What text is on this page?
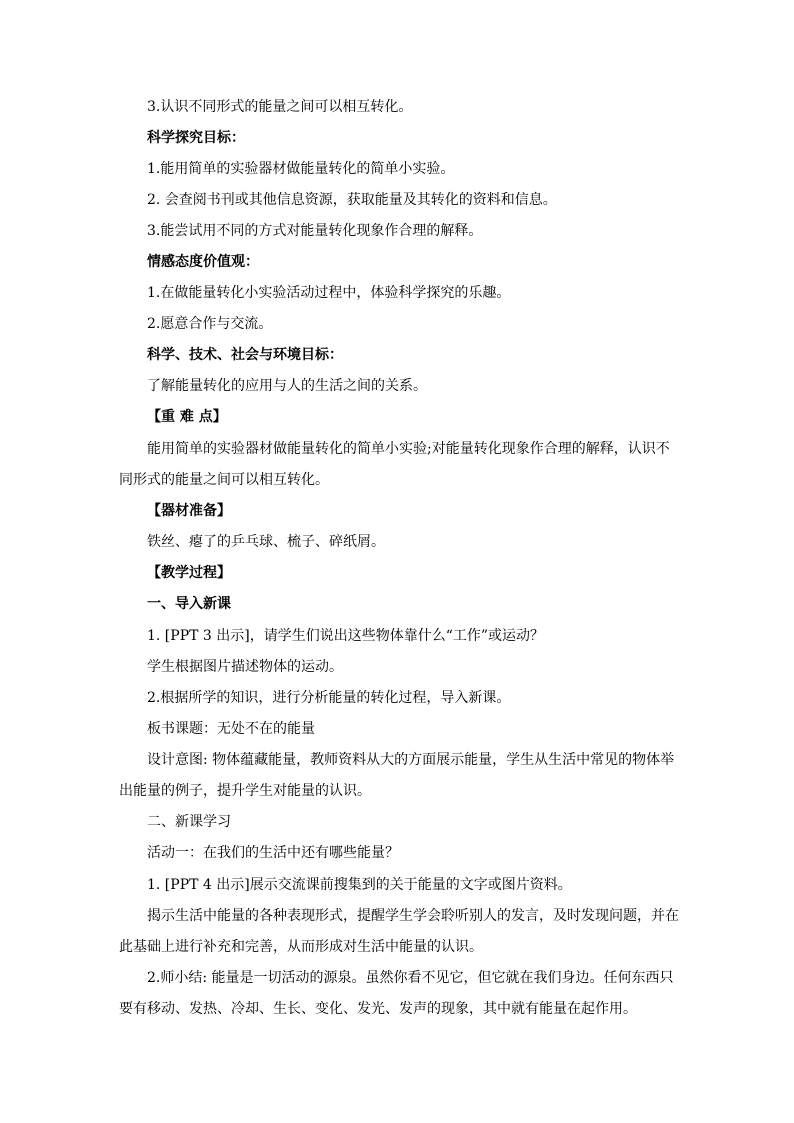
3.认识不同形式的能量之间可以相互转化。
科学探究目标：
1.能用简单的实验器材做能量转化的简单小实验。
2. 会查阅书刊或其他信息资源，获取能量及其转化的资料和信息。
3.能尝试用不同的方式对能量转化现象作合理的解释。
情感态度价值观：
1.在做能量转化小实验活动过程中，体验科学探究的乐趣。
2.愿意合作与交流。
科学、技术、社会与环境目标：
了解能量转化的应用与人的生活之间的关系。
【重 难 点】
能用简单的实验器材做能量转化的简单小实验;对能量转化现象作合理的解释，认识不
同形式的能量之间可以相互转化。
【器材准备】
铁丝、瘪了的乒乓球、梳子、碎纸屑。
【教学过程】
一、导入新课
1. [PPT 3 出示]，请学生们说出这些物体靠什么“工作”或运动？
学生根据图片描述物体的运动。
2.根据所学的知识，进行分析能量的转化过程，导入新课。
板书课题：无处不在的能量
设计意图: 物体蕴藏能量，教师资料从大的方面展示能量，学生从生活中常见的物体举
出能量的例子，提升学生对能量的认识。
二、新课学习
活动一：在我们的生活中还有哪些能量？
1. [PPT 4 出示]展示交流课前搜集到的关于能量的文字或图片资料。
揭示生活中能量的各种表现形式，提醒学生学会聆听别人的发言，及时发现问题，并在
此基础上进行补充和完善，从而形成对生活中能量的认识。
2.师小结: 能量是一切活动的源泉。虽然你看不见它，但它就在我们身边。任何东西只
要有移动、发热、冷却、生长、变化、发光、发声的现象，其中就有能量在起作用。
